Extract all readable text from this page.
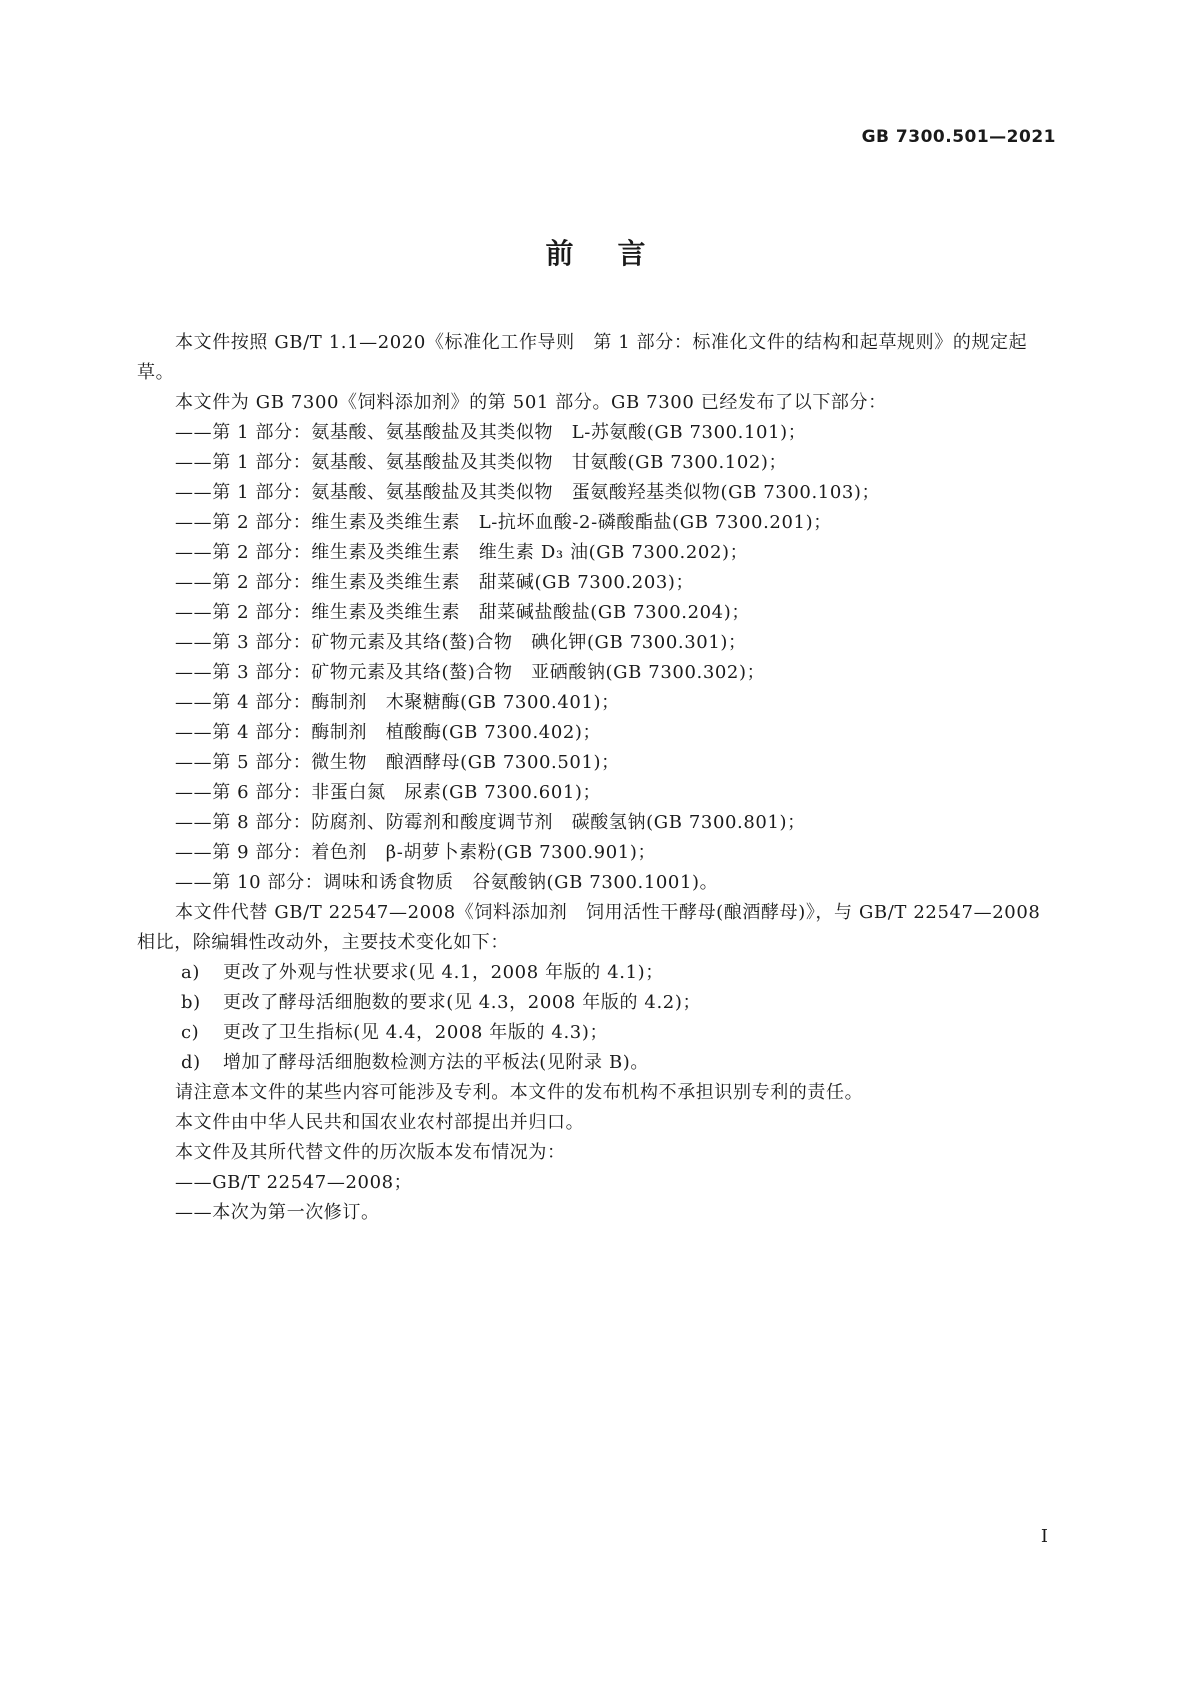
GB 7300.501—2021
前言

本文件按照 GB/T 1.1—2020《标准化工作导则　第 1 部分：标准化文件的结构和起草规则》的规定起草。

本文件为 GB 7300《饲料添加剂》的第 501 部分。GB 7300 已经发布了以下部分：

——第 1 部分：氨基酸、氨基酸盐及其类似物　L-苏氨酸(GB 7300.101)；

——第 1 部分：氨基酸、氨基酸盐及其类似物　甘氨酸(GB 7300.102)；

——第 1 部分：氨基酸、氨基酸盐及其类似物　蛋氨酸羟基类似物(GB 7300.103)；

——第 2 部分：维生素及类维生素　L-抗坏血酸-2-磷酸酯盐(GB 7300.201)；

——第 2 部分：维生素及类维生素　维生素 D₃ 油(GB 7300.202)；

——第 2 部分：维生素及类维生素　甜菜碱(GB 7300.203)；

——第 2 部分：维生素及类维生素　甜菜碱盐酸盐(GB 7300.204)；

——第 3 部分：矿物元素及其络(螯)合物　碘化钾(GB 7300.301)；

——第 3 部分：矿物元素及其络(螯)合物　亚硒酸钠(GB 7300.302)；

——第 4 部分：酶制剂　木聚糖酶(GB 7300.401)；

——第 4 部分：酶制剂　植酸酶(GB 7300.402)；

——第 5 部分：微生物　酿酒酵母(GB 7300.501)；

——第 6 部分：非蛋白氮　尿素(GB 7300.601)；

——第 8 部分：防腐剂、防霉剂和酸度调节剂　碳酸氢钠(GB 7300.801)；

——第 9 部分：着色剂　β-胡萝卜素粉(GB 7300.901)；

——第 10 部分：调味和诱食物质　谷氨酸钠(GB 7300.1001)。

本文件代替 GB/T 22547—2008《饲料添加剂　饲用活性干酵母(酿酒酵母)》，与 GB/T 22547—2008 相比，除编辑性改动外，主要技术变化如下：

a) 更改了外观与性状要求(见 4.1，2008 年版的 4.1)；

b) 更改了酵母活细胞数的要求(见 4.3，2008 年版的 4.2)；

c) 更改了卫生指标(见 4.4，2008 年版的 4.3)；

d) 增加了酵母活细胞数检测方法的平板法(见附录 B)。

请注意本文件的某些内容可能涉及专利。本文件的发布机构不承担识别专利的责任。

本文件由中华人民共和国农业农村部提出并归口。

本文件及其所代替文件的历次版本发布情况为：

——GB/T 22547—2008；

——本次为第一次修订。

I
